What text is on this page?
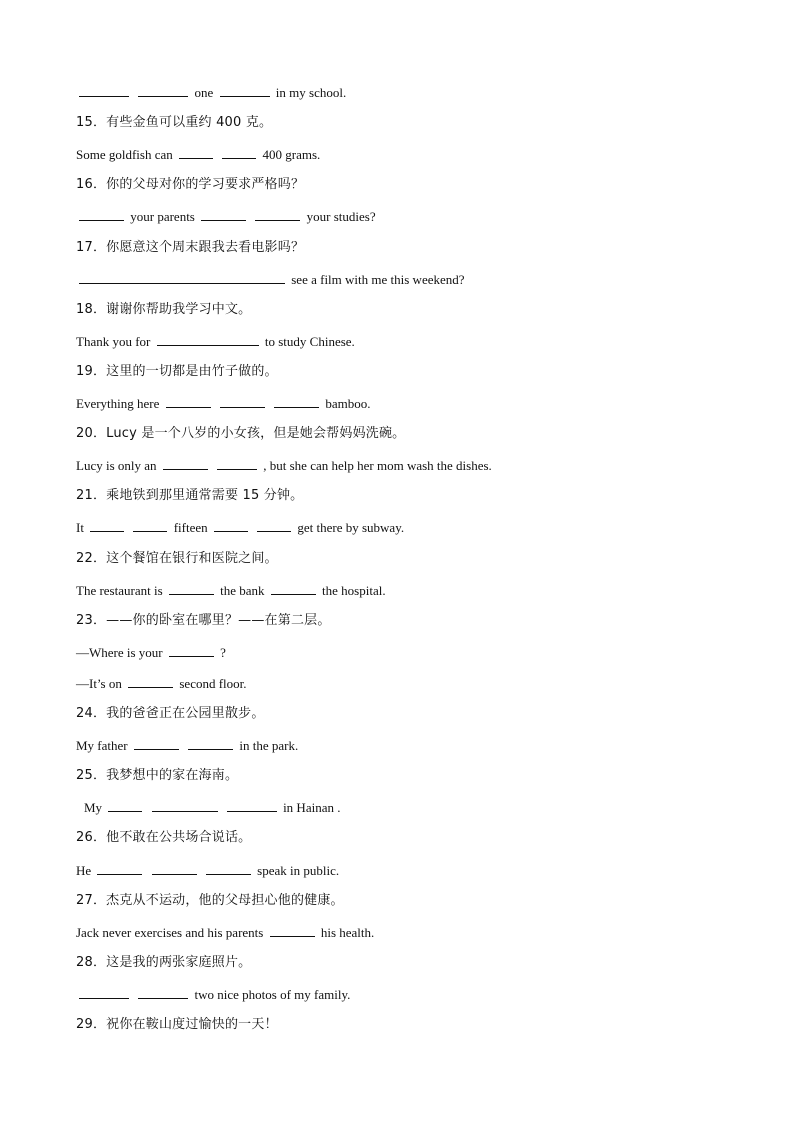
one	in my school.
15．有些金鱼可以重约 400 克。
Some goldfish can	400 grams.
16．你的父母对你的学习要求严格吗？
your parents	your studies?
17．你愿意这个周末跟我去看电影吗？
see a film with me this weekend?
18．谢谢你帮助我学习中文。
Thank you for	to study Chinese.
19．这里的一切都是由竹子做的。
Everything here	bamboo.
20．Lucy 是一个八岁的小女孩，但是她会帮妈妈洗碗。
Lucy is only an	, but she can help her mom wash the dishes.
21．乘地铁到那里通常需要 15 分钟。
It	fifteen	get there by subway.
22．这个餐馆在银行和医院之间。
The restaurant is	the bank	the hospital.
23．——你的卧室在哪里？——在第二层。
—Where is your	?
—It’s on	second floor.
24．我的爸爸正在公园里散步。
My father	in the park.
25．我梦想中的家在海南。
My	in Hainan .
26．他不敢在公共场合说话。
He	speak in public.
27．杰克从不运动，他的父母担心他的健康。
Jack never exercises and his parents	his health.
28．这是我的两张家庭照片。
two nice photos of my family.
29．祝你在鞍山度过愉快的一天！
